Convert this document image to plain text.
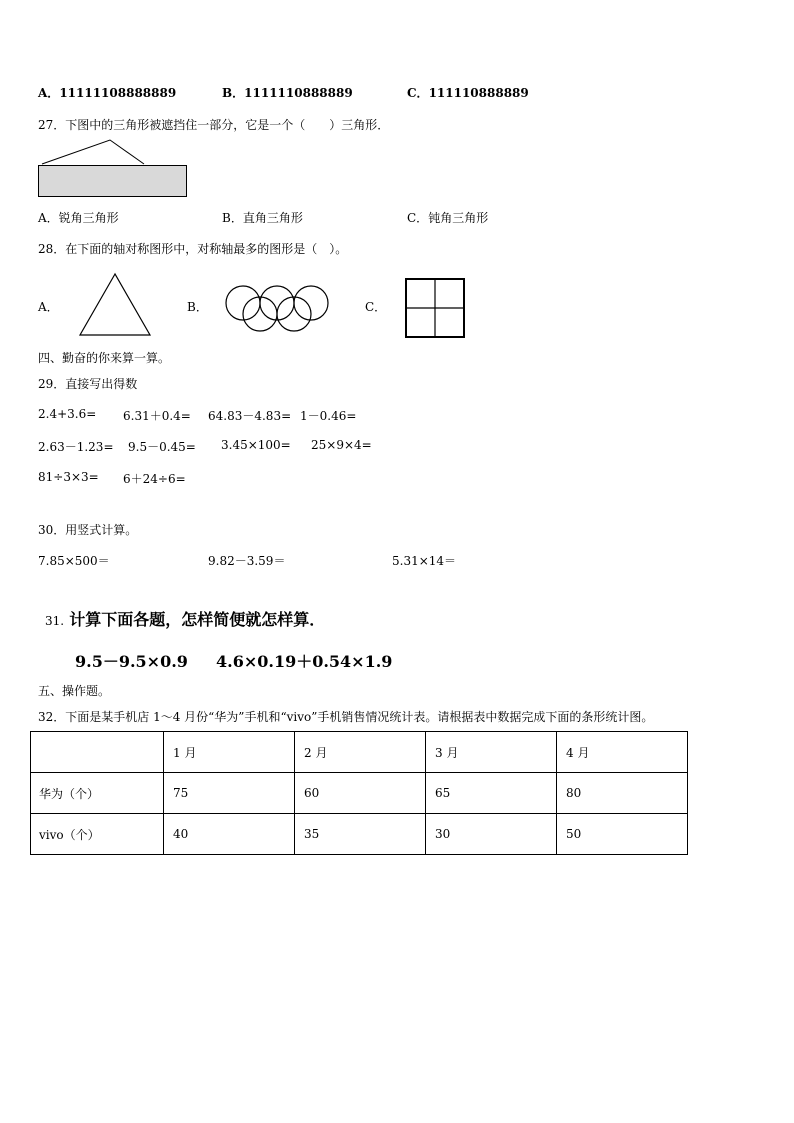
A．11111108888889	B．1111110888889	C．111110888889
27．下图中的三角形被遮挡住一部分，它是一个（　　）三角形．
A．锐角三角形	B．直角三角形	C．钝角三角形
28．在下面的轴对称图形中，对称轴最多的图形是（　）。
A．	B．	C．
四、勤奋的你来算一算。
29．直接写出得数
2.4+3.6= 6.31＋0.4= 64.83－4.83= 1－0.46=
2.63－1.23= 9.5－0.45= 3.45×100= 25×9×4=
81÷3×3= 6＋24÷6=
30．用竖式计算。
7.85×500＝	9.82－3.59＝	5.31×14＝
31. 计算下面各题，怎样简便就怎样算．
9.5－9.5×0.9 4.6×0.19＋0.54×1.9
五、操作题。
32．下面是某手机店 1～4 月份“华为”手机和“vivo”手机销售情况统计表。请根据表中数据完成下面的条形统计图。
	1 月	2 月	3 月	4 月
华为（个）	75	60	65	80
vivo（个）	40	35	30	50
